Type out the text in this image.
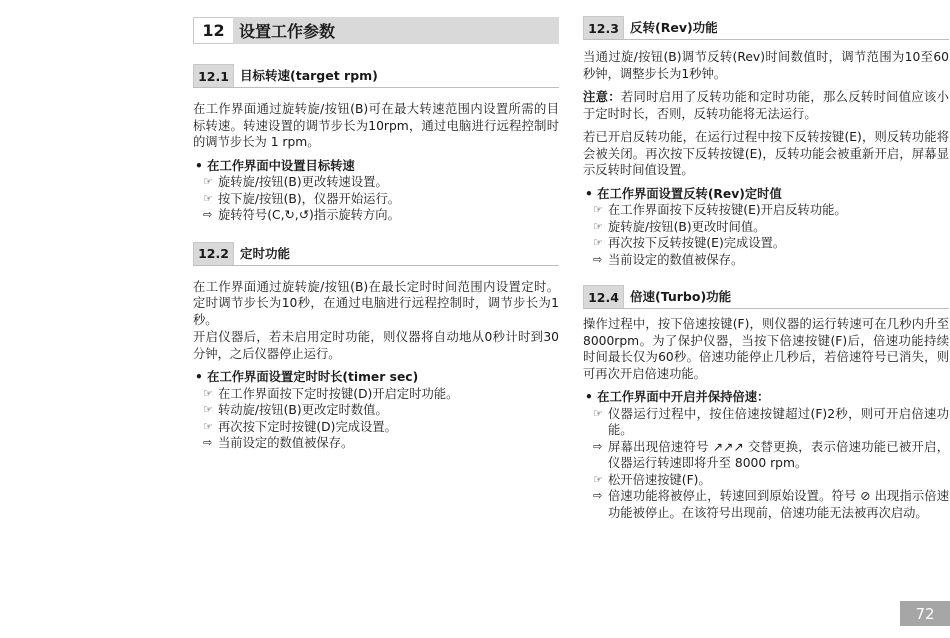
12 设置工作参数
12.1 目标转速(target rpm)

在工作界面通过旋转旋/按钮(B)可在最大转速范围内设置所需的目标转速。转速设置的调节步长为10rpm，通过电脑进行远程控制时的调节步长为 1 rpm。

• 在工作界面中设置目标转速
☞ 旋转旋/按钮(B)更改转速设置。
☞ 按下旋/按钮(B)，仪器开始运行。
⇨ 旋转符号(C,↻,↺)指示旋转方向。
12.2 定时功能

在工作界面通过旋转旋/按钮(B)在最长定时时间范围内设置定时。定时调节步长为10秒，在通过电脑进行远程控制时，调节步长为1秒。

开启仪器后，若未启用定时功能，则仪器将自动地从0秒计时到30分钟，之后仪器停止运行。

• 在工作界面设置定时时长(timer sec)
☞ 在工作界面按下定时按键(D)开启定时功能。
☞ 转动旋/按钮(B)更改定时数值。
☞ 再次按下定时按键(D)完成设置。
⇨ 当前设定的数值被保存。
12.3 反转(Rev)功能

当通过旋/按钮(B)调节反转(Rev)时间数值时，调节范围为10至60秒钟，调整步长为1秒钟。

注意：若同时启用了反转功能和定时功能，那么反转时间值应该小于定时时长，否则，反转功能将无法运行。

若已开启反转功能，在运行过程中按下反转按键(E)，则反转功能将会被关闭。再次按下反转按键(E)，反转功能会被重新开启，屏幕显示反转时间值设置。

• 在工作界面设置反转(Rev)定时值
☞ 在工作界面按下反转按键(E)开启反转功能。
☞ 旋转旋/按钮(B)更改时间值。
☞ 再次按下反转按键(E)完成设置。
⇨ 当前设定的数值被保存。
12.4 倍速(Turbo)功能

操作过程中，按下倍速按键(F)，则仪器的运行转速可在几秒内升至8000rpm。为了保护仪器，当按下倍速按键(F)后，倍速功能持续时间最长仅为60秒。倍速功能停止几秒后，若倍速符号已消失，则可再次开启倍速功能。

• 在工作界面中开启并保持倍速：
☞ 仪器运行过程中，按住倍速按键超过(F)2秒，则可开启倍速功能。
⇨ 屏幕出现倍速符号 ↗↗↗ 交替更换，表示倍速功能已被开启，仪器运行转速即将升至 8000 rpm。
☞ 松开倍速按键(F)。
⇨ 倍速功能将被停止，转速回到原始设置。符号 ⊘ 出现指示倍速功能被停止。在该符号出现前，倍速功能无法被再次启动。
72
